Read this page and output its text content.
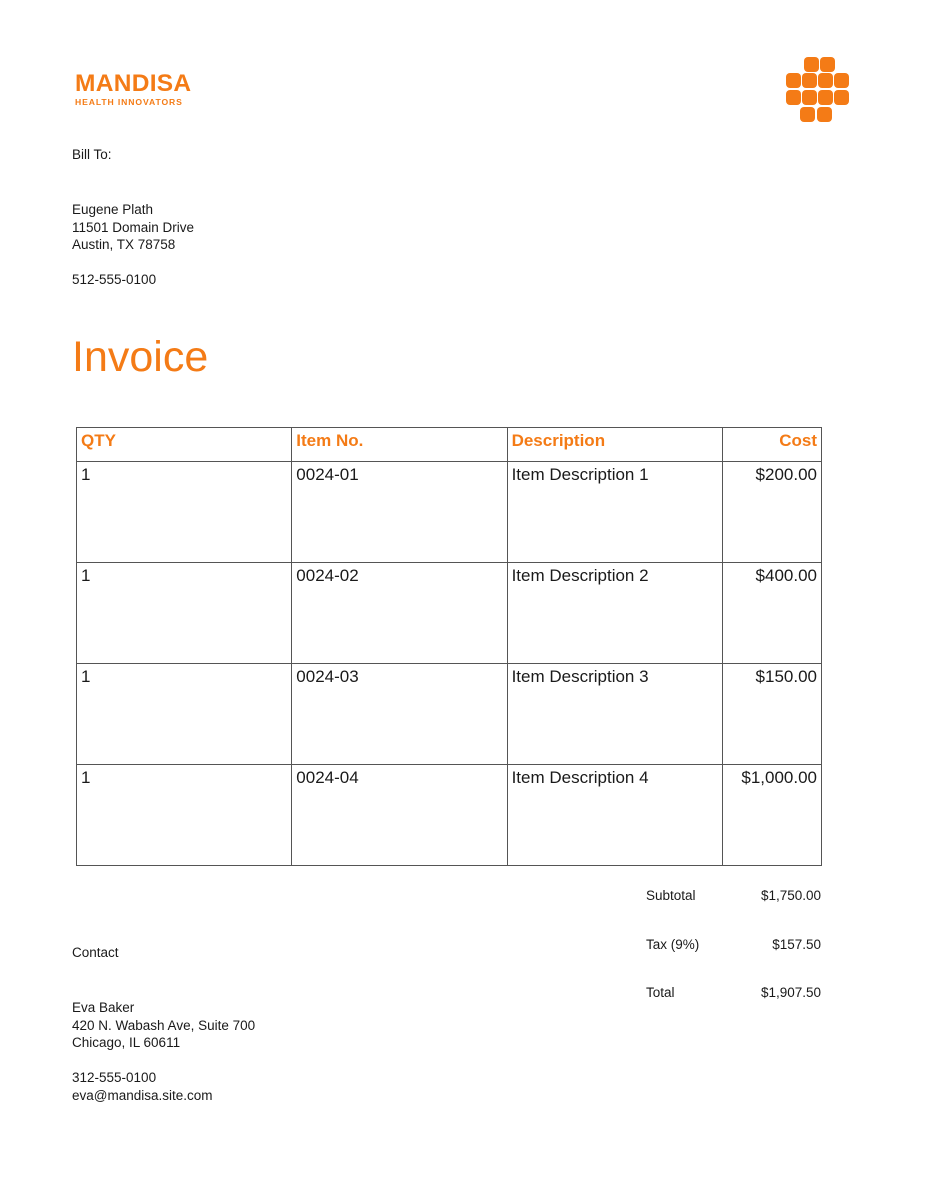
MANDISA
HEALTH INNOVATORS
Bill To:
Eugene Plath
11501 Domain Drive
Austin, TX 78758
512-555-0100
Invoice
QTY	Item No.	Description	Cost
1	0024-01	Item Description 1	$200.00
1	0024-02	Item Description 2	$400.00
1	0024-03	Item Description 3	$150.00
1	0024-04	Item Description 4	$1,000.00
Subtotal	$1,750.00
Tax (9%)	$157.50
Total	$1,907.50
Contact
Eva Baker
420 N. Wabash Ave, Suite 700
Chicago, IL 60611
312-555-0100
eva@mandisa.site.com
